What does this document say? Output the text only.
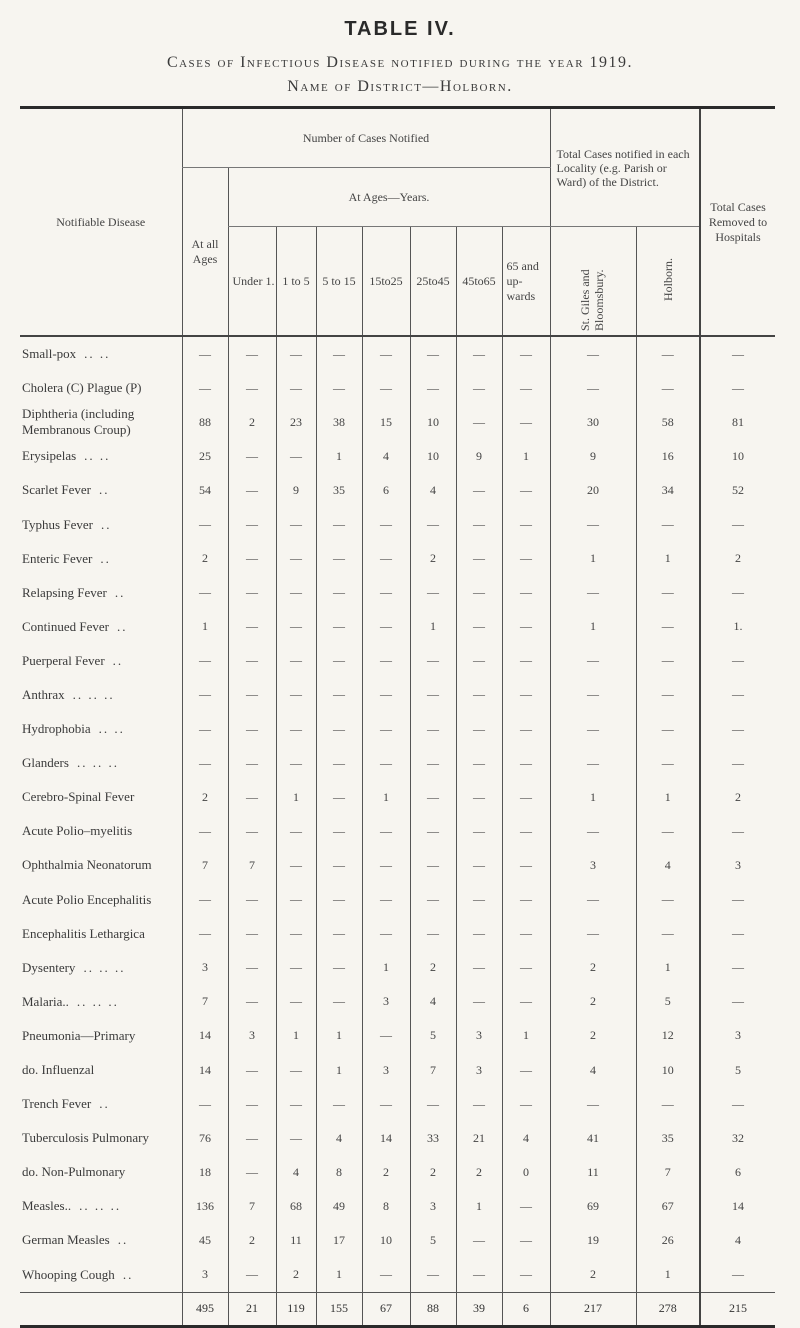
TABLE IV.
Cases of Infectious Disease notified during the year 1919.
Name of District—Holborn.

Notifiable Disease	Number of Cases Notified								Total Cases notified in each Locality (e.g. Parish or Ward) of the District.		Total Cases Removed to Hospitals
	At all Ages	At Ages—Years.									
		Under 1.	1 to 5	5 to 15	15to25	25to45	45to65	65 and up-wards	St. Giles and Bloomsbury.	Holborn.	

Small-pox .. ..	—	—	—	—	—	—	—	—	—	—	—
Cholera (C) Plague (P)	—	—	—	—	—	—	—	—	—	—	—
Diphtheria (including Membranous Croup)	88	2	23	38	15	10	—	—	30	58	81
Erysipelas .. ..	25	—	—	1	4	10	9	1	9	16	10
Scarlet Fever ..	54	—	9	35	6	4	—	—	20	34	52
Typhus Fever ..	—	—	—	—	—	—	—	—	—	—	—
Enteric Fever ..	2	—	—	—	—	2	—	—	1	1	2
Relapsing Fever ..	—	—	—	—	—	—	—	—	—	—	—
Continued Fever ..	1	—	—	—	—	1	—	—	1	—	1.
Puerperal Fever ..	—	—	—	—	—	—	—	—	—	—	—
Anthrax .. .. ..	—	—	—	—	—	—	—	—	—	—	—
Hydrophobia .. ..	—	—	—	—	—	—	—	—	—	—	—
Glanders .. .. ..	—	—	—	—	—	—	—	—	—	—	—
Cerebro-Spinal Fever	2	—	1	—	1	—	—	—	1	1	2
Acute Polio–myelitis	—	—	—	—	—	—	—	—	—	—	—
Ophthalmia Neonatorum	7	7	—	—	—	—	—	—	3	4	3
Acute Polio Encephalitis	—	—	—	—	—	—	—	—	—	—	—
Encephalitis Lethargica	—	—	—	—	—	—	—	—	—	—	—
Dysentery .. .. ..	3	—	—	—	1	2	—	—	2	1	—
Malaria.. .. .. ..	7	—	—	—	3	4	—	—	2	5	—
Pneumonia—Primary	14	3	1	1	—	5	3	1	2	12	3
do. Influenzal	14	—	—	1	3	7	3	—	4	10	5
Trench Fever ..	—	—	—	—	—	—	—	—	—	—	—
Tuberculosis Pulmonary	76	—	—	4	14	33	21	4	41	35	32
do. Non-Pulmonary	18	—	4	8	2	2	2	0	11	7	6
Measles.. .. .. ..	136	7	68	49	8	3	1	—	69	67	14
German Measles ..	45	2	11	17	10	5	—	—	19	26	4
Whooping Cough ..	3	—	2	1	—	—	—	—	2	1	—
	495	21	119	155	67	88	39	6	217	278	215
